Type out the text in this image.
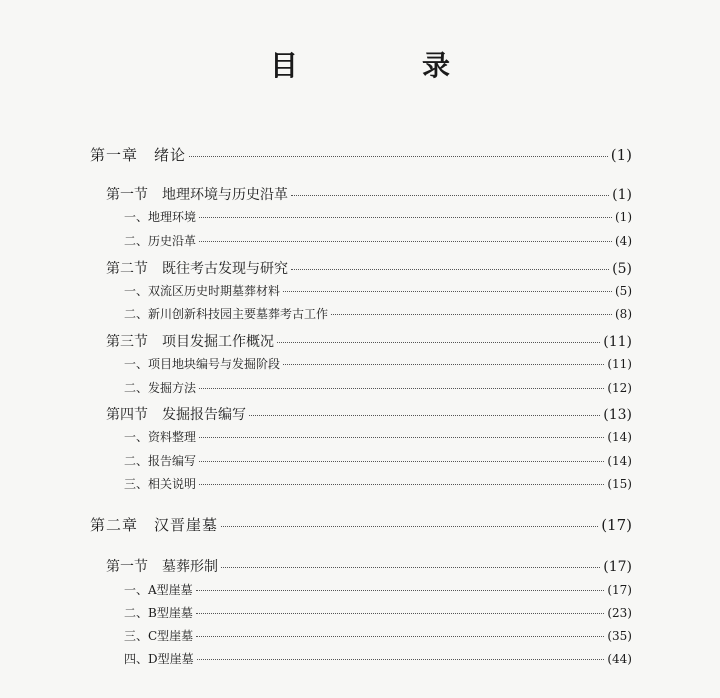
目　录
第一章　绪论	(1)
第一节　地理环境与历史沿革	(1)
一、地理环境	(1)
二、历史沿革	(4)
第二节　既往考古发现与研究	(5)
一、双流区历史时期墓葬材料	(5)
二、新川创新科技园主要墓葬考古工作	(8)
第三节　项目发掘工作概况	(11)
一、项目地块编号与发掘阶段	(11)
二、发掘方法	(12)
第四节　发掘报告编写	(13)
一、资料整理	(14)
二、报告编写	(14)
三、相关说明	(15)
第二章　汉晋崖墓	(17)
第一节　墓葬形制	(17)
一、A型崖墓	(17)
二、B型崖墓	(23)
三、C型崖墓	(35)
四、D型崖墓	(44)
